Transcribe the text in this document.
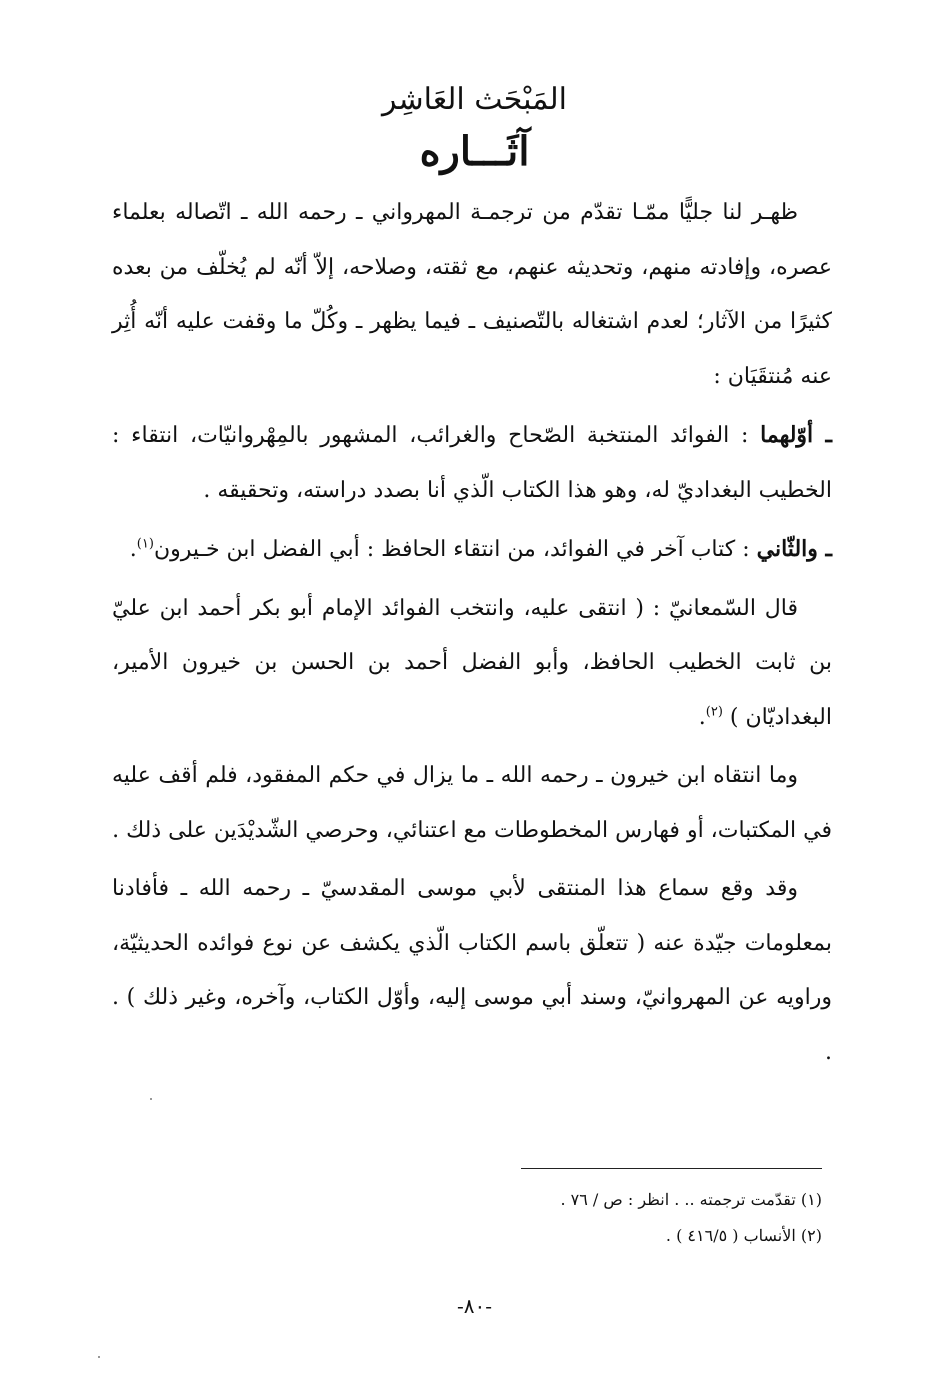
المَبْحَث العَاشِر
آثَـــاره

ظهـر لنا جليًّا ممّـا تقدّم من ترجمـة المهرواني ـ رحمه الله ـ اتّصاله بعلماء عصره، وإفادته منهم، وتحديثه عنهم، مع ثقته، وصلاحه، إلاّ أنّه لم يُخلّف من بعده كثيرًا من الآثار؛ لعدم اشتغاله بالتّصنيف ـ فيما يظهر ـ وكُلّ ما وقفت عليه أنّه أُثِر عنه مُنتقَيَان :

ـ أوّلهما : الفوائد المنتخبة الصّحاح والغرائب، المشهور بالمِهْروانيّات، انتقاء : الخطيب البغداديّ له، وهو هذا الكتاب الّذي أنا بصدد دراسته، وتحقيقه .

ـ والثّاني : كتاب آخر في الفوائد، من انتقاء الحافظ : أبي الفضل ابن خـيرون$^{(١)}$.

قال السّمعانيّ : ( انتقى عليه، وانتخب الفوائد الإمام أبو بكر أحمد ابن عليّ بن ثابت الخطيب الحافظ، وأبو الفضل أحمد بن الحسن بن خيرون الأمير، البغداديّان ) $^{(٢)}$.

وما انتقاه ابن خيرون ـ رحمه الله ـ ما يزال في حكم المفقود، فلم أقف عليه في المكتبات، أو فهارس المخطوطات مع اعتنائي، وحرصي الشّديْدَين على ذلك .

وقد وقع سماع هذا المنتقى لأبي موسى المقدسيّ ـ رحمه الله ـ فأفادنا بمعلومات جيّدة عنه ( تتعلّق باسم الكتاب الّذي يكشف عن نوع فوائده الحديثيّة، وراويه عن المهروانيّ، وسند أبي موسى إليه، وأوّل الكتاب، وآخره، وغير ذلك ) . .

(١) تقدّمت ترجمته .. . انظر : ص / ٧٦ .
(٢) الأنساب ( ٤١٦/٥ ) .
-٨٠-
